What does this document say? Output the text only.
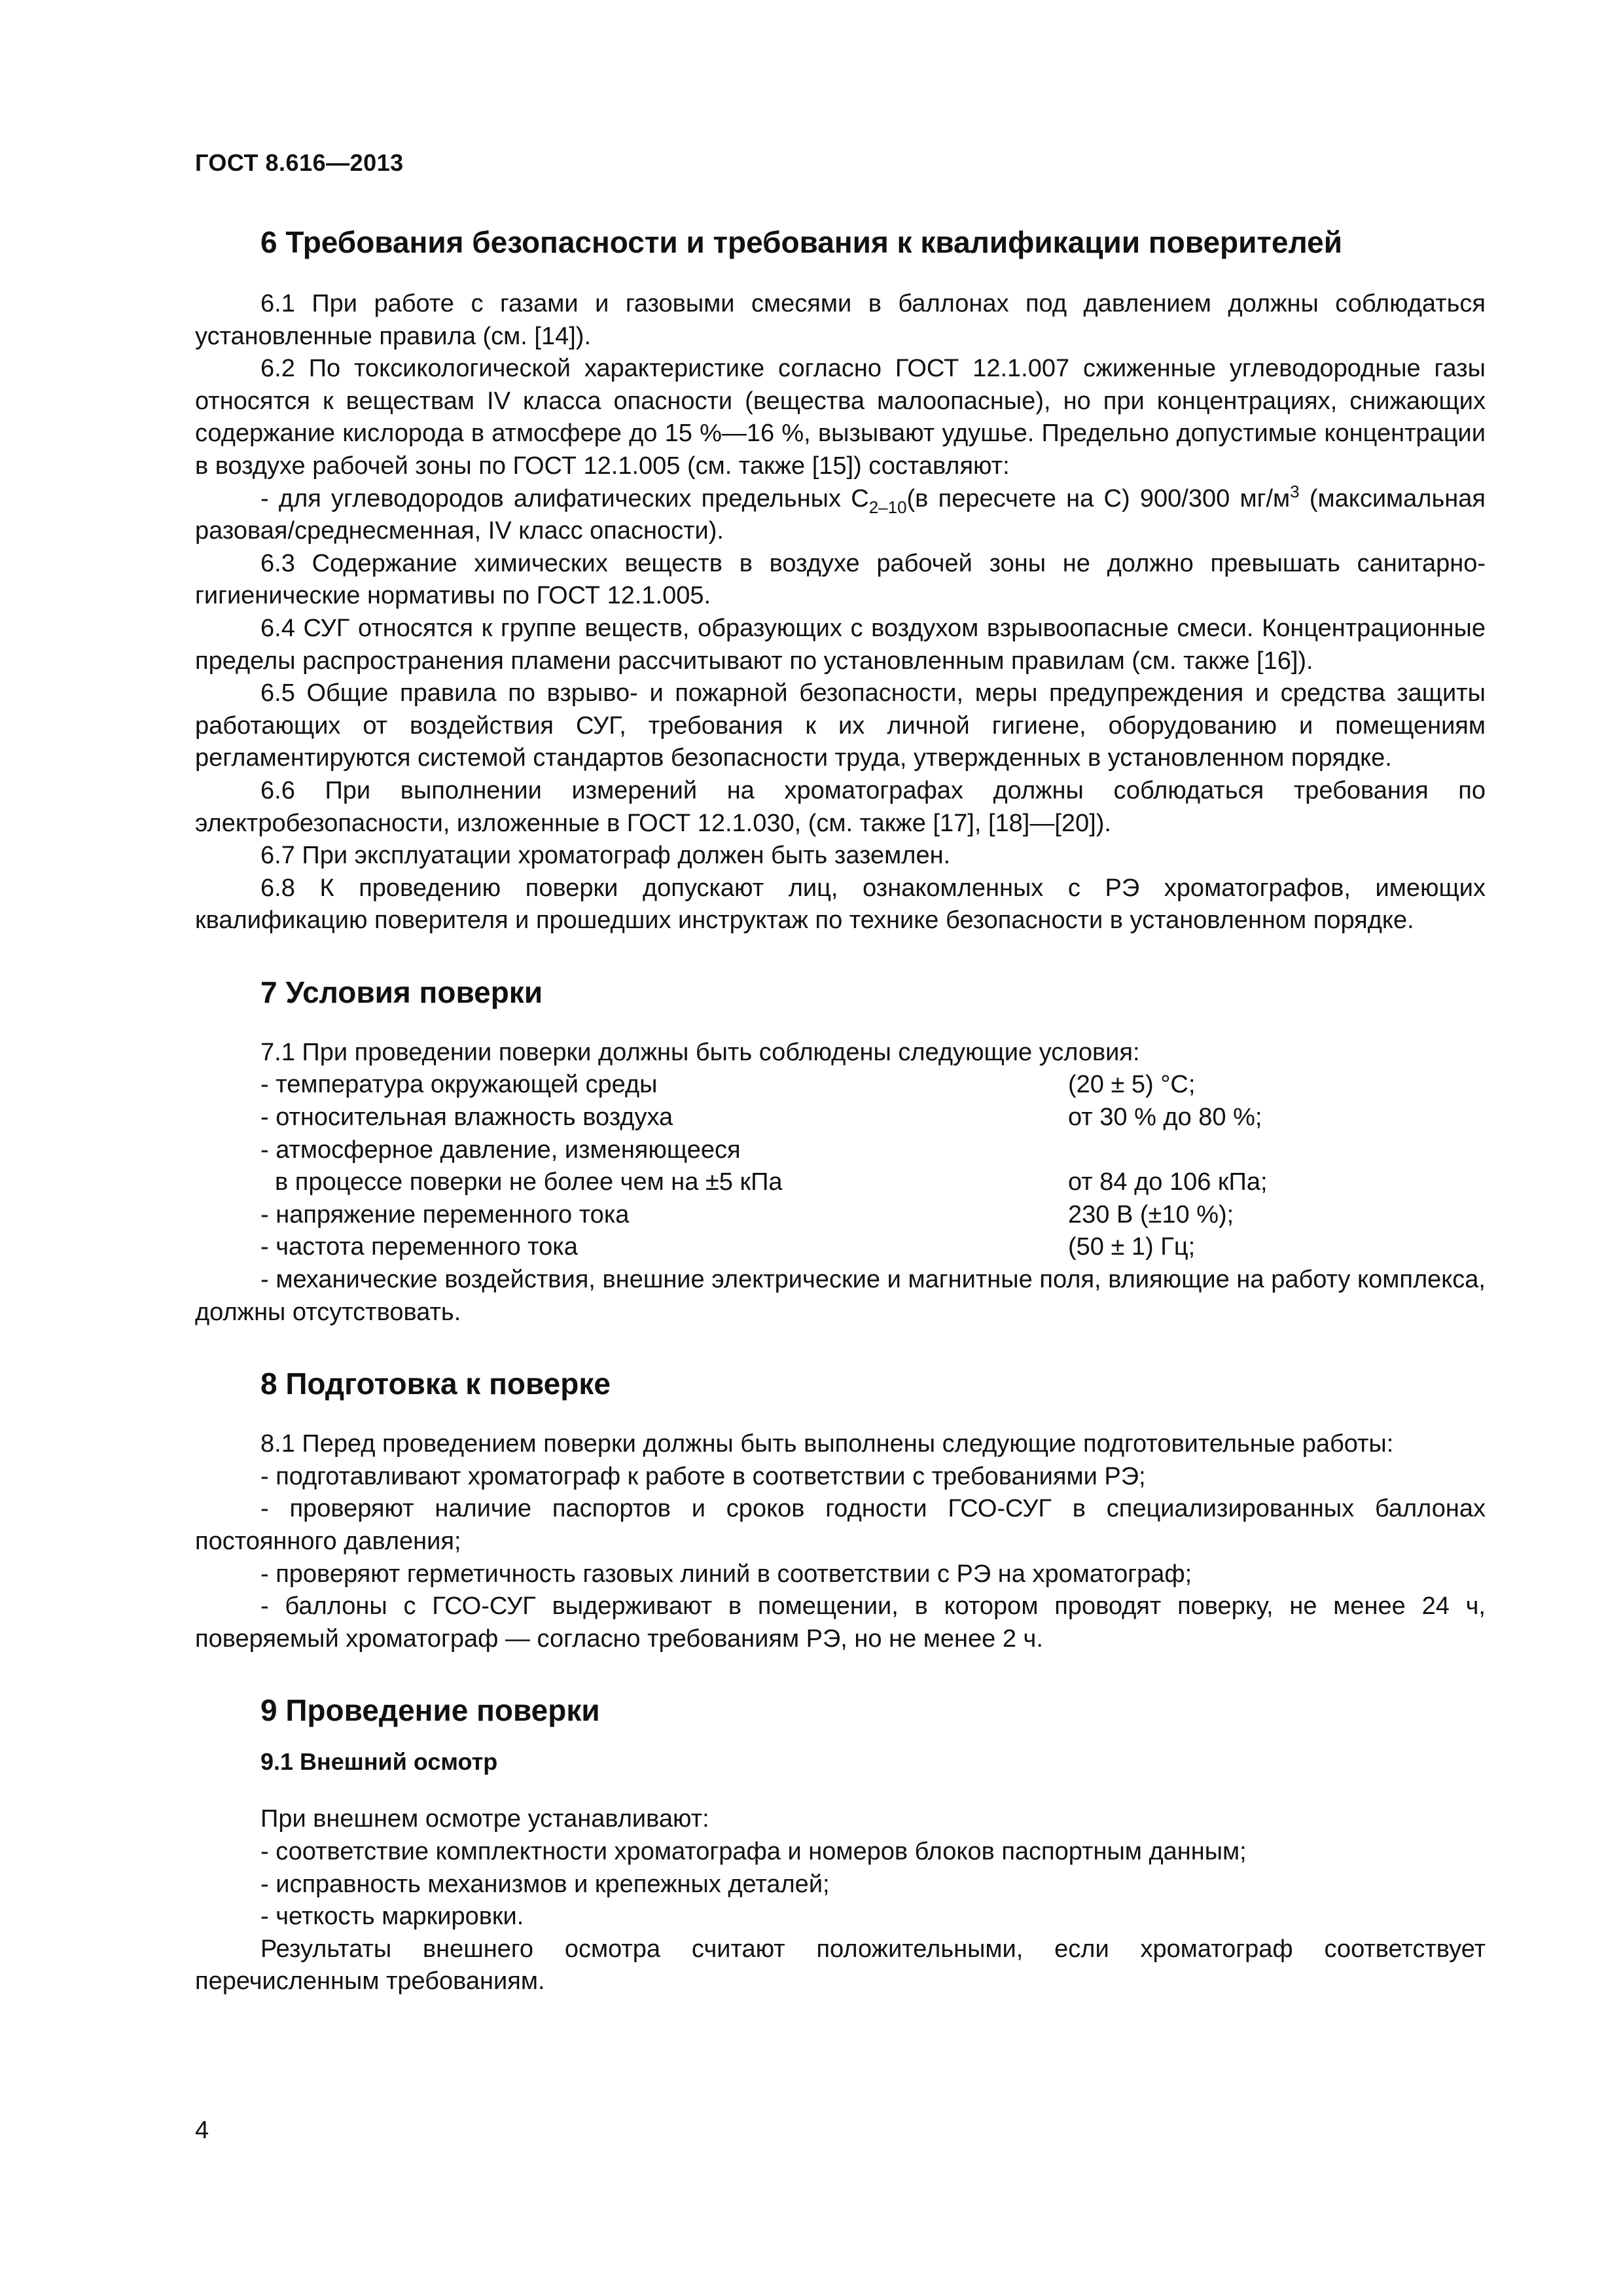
ГОСТ 8.616—2013
6 Требования безопасности и требования к квалификации поверителей

6.1 При работе с газами и газовыми смесями в баллонах под давлением должны соблюдаться установленные правила (см. [14]).

6.2 По токсикологической характеристике согласно ГОСТ 12.1.007 сжиженные углеводородные газы относятся к веществам IV класса опасности (вещества малоопасные), но при концентрациях, снижающих содержание кислорода в атмосфере до 15 %—16 %, вызывают удушье. Предельно допустимые концентрации в воздухе рабочей зоны по ГОСТ 12.1.005 (см. также [15]) составляют:

- для углеводородов алифатических предельных $C_{2-10}(в$ пересчете на С) 900/300 $мг/м^3$ (максимальная разовая/среднесменная, IV класс опасности).

6.3 Содержание химических веществ в воздухе рабочей зоны не должно превышать санитарно-гигиенические нормативы по ГОСТ 12.1.005.

6.4 СУГ относятся к группе веществ, образующих с воздухом взрывоопасные смеси. Концентрационные пределы распространения пламени рассчитывают по установленным правилам (см. также [16]).

6.5 Общие правила по взрыво- и пожарной безопасности, меры предупреждения и средства защиты работающих от воздействия СУГ, требования к их личной гигиене, оборудованию и помещениям регламентируются системой стандартов безопасности труда, утвержденных в установленном порядке.

6.6 При выполнении измерений на хроматографах должны соблюдаться требования по электробезопасности, изложенные в ГОСТ 12.1.030, (см. также [17], [18]—[20]).

6.7 При эксплуатации хроматограф должен быть заземлен.

6.8 К проведению поверки допускают лиц, ознакомленных с РЭ хроматографов, имеющих квалификацию поверителя и прошедших инструктаж по технике безопасности в установленном порядке.

7 Условия поверки

7.1 При проведении поверки должны быть соблюдены следующие условия:

- температура окружающей среды	(20 ± 5) °С;
- относительная влажность воздуха	от 30 % до 80 %;
- атмосферное давление, изменяющееся
в процессе поверки не более чем на ±5 кПа	от 84 до 106 кПа;
- напряжение переменного тока	230 В (±10 %);
- частота переменного тока	(50 ± 1) Гц;

- механические воздействия, внешние электрические и магнитные поля, влияющие на работу комплекса, должны отсутствовать.

8 Подготовка к поверке

8.1 Перед проведением поверки должны быть выполнены следующие подготовительные работы:

- подготавливают хроматограф к работе в соответствии с требованиями РЭ;

- проверяют наличие паспортов и сроков годности ГСО-СУГ в специализированных баллонах постоянного давления;

- проверяют герметичность газовых линий в соответствии с РЭ на хроматограф;

- баллоны с ГСО-СУГ выдерживают в помещении, в котором проводят поверку, не менее 24 ч, поверяемый хроматограф — согласно требованиям РЭ, но не менее 2 ч.

9 Проведение поверки
9.1 Внешний осмотр

При внешнем осмотре устанавливают:

- соответствие комплектности хроматографа и номеров блоков паспортным данным;

- исправность механизмов и крепежных деталей;

- четкость маркировки.

Результаты внешнего осмотра считают положительными, если хроматограф соответствует перечисленным требованиям.

4
